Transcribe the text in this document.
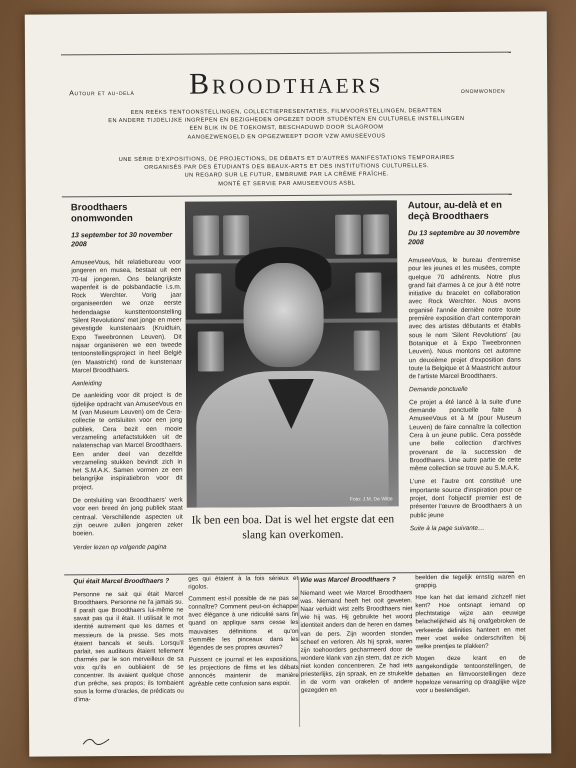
Autour et au-delà	Broodthaers	onomwonden
EEN REEKS TENTOONSTELLINGEN, COLLECTIEPRESENTATIES, FILMVOORSTELLINGEN, DEBATTEN
EN ANDERE TIJDELIJKE INGREPEN EN BEZIGHEDEN OPGEZET DOOR STUDENTEN EN CULTURELE INSTELLINGEN
EEN BLIK IN DE TOEKOMST, BESCHADUWD DOOR SLAGROOM
AANGEZWENGELD EN OPGEZWEEPT DOOR VZW AMUSEEVOUS
UNE SÉRIE D'EXPOSITIONS, DE PROJECTIONS, DE DÉBATS ET D'AUTRES MANIFESTATIONS TEMPORAIRES
ORGANISÉS PAR DES ÉTUDIANTS DES BEAUX-ARTS ET DES INSTITUTIONS CULTURELLES.
UN REGARD SUR LE FUTUR, EMBRUMÉ PAR LA CRÈME FRAÎCHE.
MONTÉ ET SERVIE PAR AMUSEEVOUS ASBL
Broodthaers onomwonden
13 september tot 30 november 2008

AmuseeVous, hét relatiebureau voor jongeren en musea, bestaat uit een 70-tal jongeren. Ons belangrijkste wapenfeit is de polsbandactie i.s.m. Rock Werchter. Vorig jaar organiseerden we onze eerste hedendaagse kunsttentoonstelling 'Silent Revolutions' met jonge en meer gevestigde kunstenaars (Kruidtuin, Expo Tweebronnen Leuven). Dit najaar organiseren we een tweede tentoonstellingsproject in heel België (en Maastricht) rond de kunstenaar Marcel Broodthaers.

Aanleiding

De aanleiding voor dit project is de tijdelijke opdracht van AmuseeVous en M (van Museum Leuven) om de Cera-collectie te ontsluiten voor een jong publiek. Cera bezit een mooie verzameling artefactstukken uit de nalatenschap van Marcel Broodthaers. Een ander deel van dezelfde verzameling stukken bevindt zich in het S.M.A.K. Samen vormen ze een belangrijke inspiratiebron voor dit project.

De ontsluiting van Broodthaers' werk voor een breed én jong publiek staat centraal. Verschillende aspecten uit zijn oeuvre zullen jongeren zeker boeien.

Verder lezen op volgende pagina
Foto: J.M. De Witte
Ik ben een boa. Dat is wel het ergste dat een slang kan overkomen.
Autour, au-delà et en deçà Broodthaers
Du 13 septembre au 30 novembre 2008

AmuseeVous, le bureau d'entremise pour les jeunes et les musées, compte quelque 70 adhérents. Notre plus grand fait d'armes à ce jour à été notre initiative du bracelet en collaboration avec Rock Werchter. Nous avons organisé l'année dernière notre toute première exposition d'art contemporain avec des artistes débutants et établis sous le nom 'Silent Revolutions' (au Botanique et à Expo Tweebronnen Leuven). Nous montons cet automne un deuxième projet d'exposition dans toute la Belgique et à Maastricht autour de l'artiste Marcel Broodthaers.

Demande ponctuelle

Ce projet a été lancé à la suite d'une demande ponctuelle faite à AmuseeVous et à M (pour Museum Leuven) de faire connaître la collection Cera à un jeune public. Cera possède une belle collection d'archives provenant de la succession de Broodthaers. Une autre partie de cette même collection se trouve au S.M.A.K.

L'une et l'autre ont constitué une importante source d'inspiration pour ce projet, dont l'objectif premier est de présenter l'œuvre de Broodthaers à un public jeune

Suite à la page suivante…
Qui était Marcel Broodthaers ?

Personne ne sait qui était Marcel Broodthaers. Personne ne l'a jamais su. Il paraît que Broodthaers lui-même ne savait pas qui il était. Il utilisait le mot identité autrement que les dames et messieurs de la presse. Ses mots étaient bancals et seuls. Lorsqu'il parlait, ses auditeurs étaient tellement charmés par le son merveilleux de sa voix qu'ils en oubliaient de se concentrer. Ils avaient quelque chose d'un prêche, ses propos; ils tombaient sous la forme d'oracles, de prédicats ou d'ima-

ges qui étaient à la fois sérieux et rigolos.

Comment est-il possible de ne pas se connaître? Comment peut-on échapper avec élégance à une ridiculité sans fin quand on applique sans cesse les mauvaises définitions et qu'on s'emmêle les pinceaux dans les légendes de ses propres œuvres?

Puissent ce journal et les expositions, les projections de films et les débats annoncés maintenir de manière agréable cette confusion sans espoir.

Wie was Marcel Broodthaers ?

Niemand weet wie Marcel Broodthaers was. Niemand heeft het ooit geweten. Naar verluidt wist zelfs Broodthaers niet wie hij was. Hij gebruikte het woord identiteit anders dan de heren en dames van de pers. Zijn woorden stonden scheef en verloren. Als hij sprak, waren zijn toehoorders gecharmeerd door de wondere klank van zijn stem, dat ze zich niet konden concentreren. Ze had iets priesterlijks, zijn spraak, en ze strukelde in de vorm van orakelen of andere gezegden en

beelden die tegelijk ernstig waren en grappig.

Hoe kan het dat iemand zichzelf niet kent? Hoe ontsnapt iemand op plechtstatige wijze aan eeuwige belachelijkheid als hij onafgebroken de verkeerde definities hanteert en met meer voet welke onderschriften bij welke prentjes te plakken?

Mogen deze krant en de aangekondigde tentoonstellingen, de debatten en filmvoorstellingen deze hopeloze verwarring op draaglijke wijze voor u bestendigen.
